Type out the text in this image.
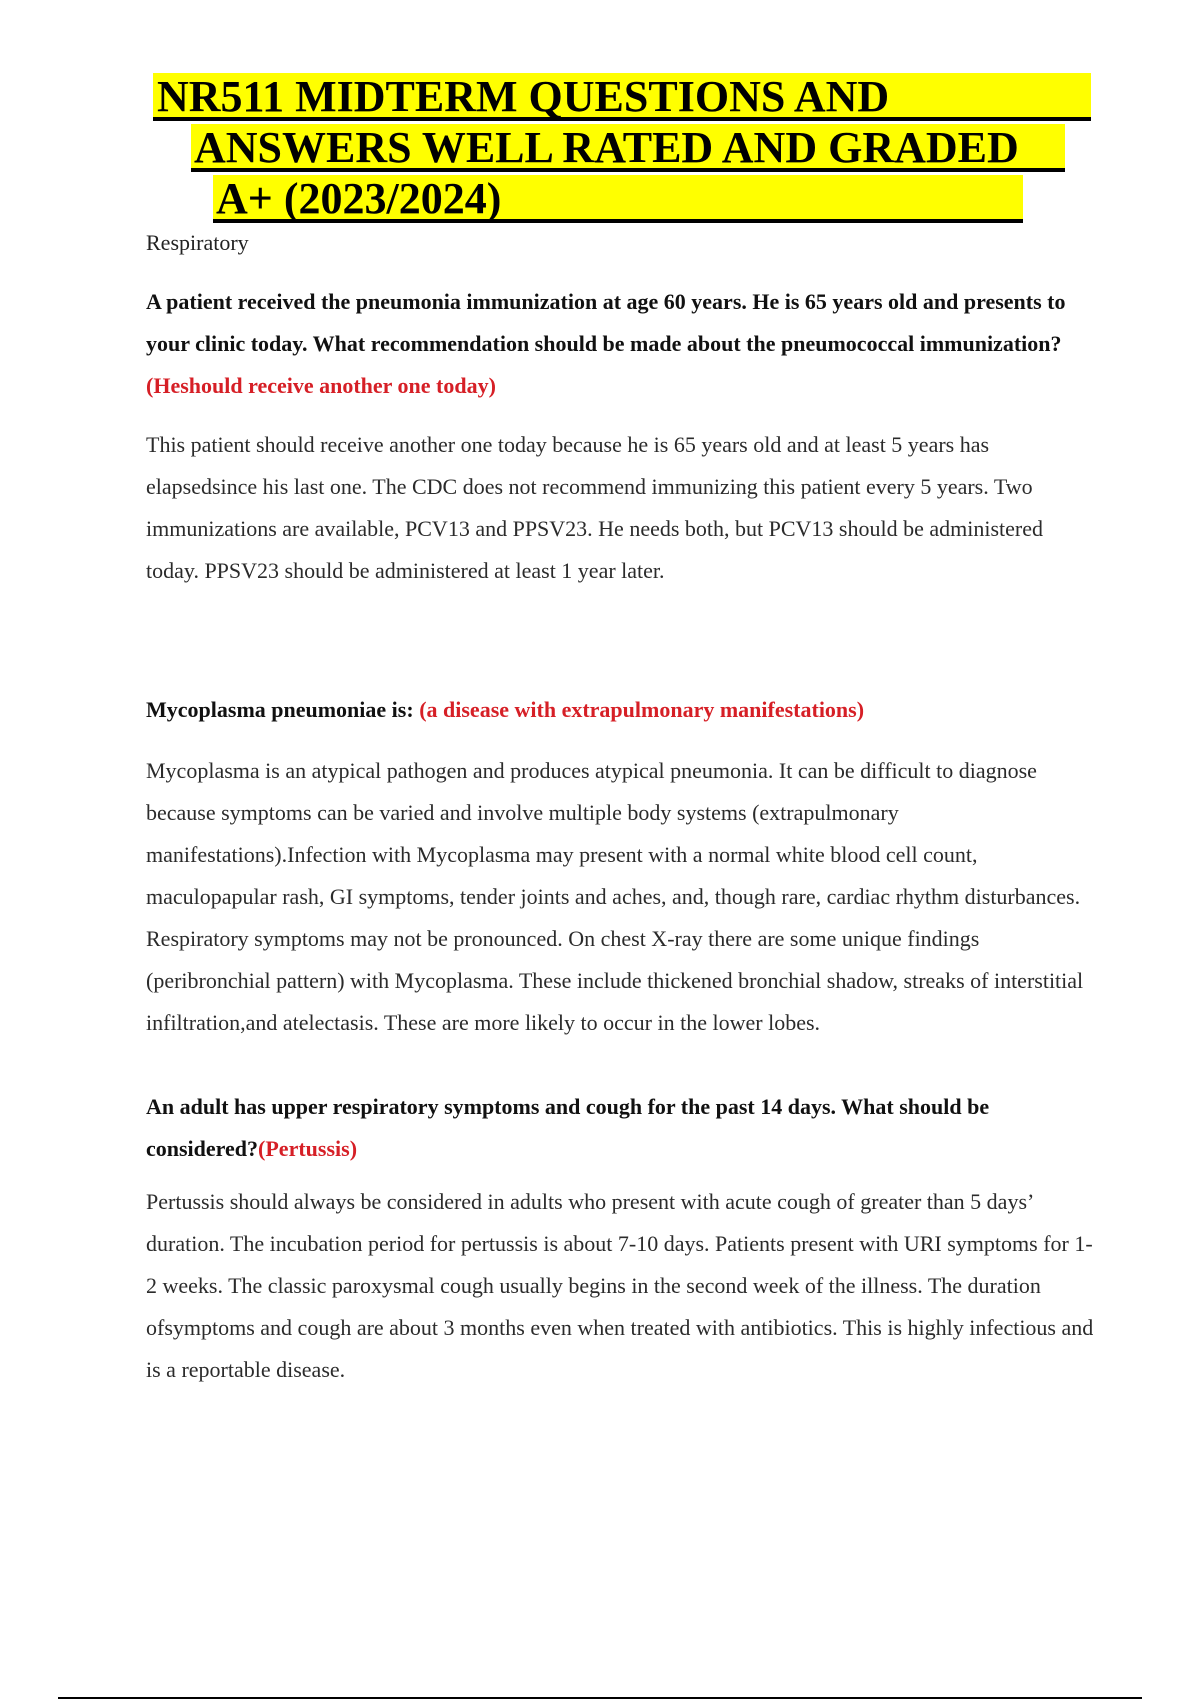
NR511 MIDTERM QUESTIONS AND
ANSWERS WELL RATED AND GRADED
A+ (2023/2024)
Respiratory

A patient received the pneumonia immunization at age 60 years. He is 65 years old and presents to your clinic today. What recommendation should be made about the pneumococcal immunization? (Heshould receive another one today)

This patient should receive another one today because he is 65 years old and at least 5 years has elapsedsince his last one. The CDC does not recommend immunizing this patient every 5 years. Two immunizations are available, PCV13 and PPSV23. He needs both, but PCV13 should be administered today. PPSV23 should be administered at least 1 year later.

Mycoplasma pneumoniae is: (a disease with extrapulmonary manifestations)

Mycoplasma is an atypical pathogen and produces atypical pneumonia. It can be difficult to diagnose because symptoms can be varied and involve multiple body systems (extrapulmonary manifestations).Infection with Mycoplasma may present with a normal white blood cell count, maculopapular rash, GI symptoms, tender joints and aches, and, though rare, cardiac rhythm disturbances. Respiratory symptoms may not be pronounced. On chest X-ray there are some unique findings (peribronchial pattern) with Mycoplasma. These include thickened bronchial shadow, streaks of interstitial infiltration,and atelectasis. These are more likely to occur in the lower lobes.

An adult has upper respiratory symptoms and cough for the past 14 days. What should be considered?(Pertussis)

Pertussis should always be considered in adults who present with acute cough of greater than 5 days’ duration. The incubation period for pertussis is about 7-10 days. Patients present with URI symptoms for 1-2 weeks. The classic paroxysmal cough usually begins in the second week of the illness. The duration ofsymptoms and cough are about 3 months even when treated with antibiotics. This is highly infectious and is a reportable disease.
